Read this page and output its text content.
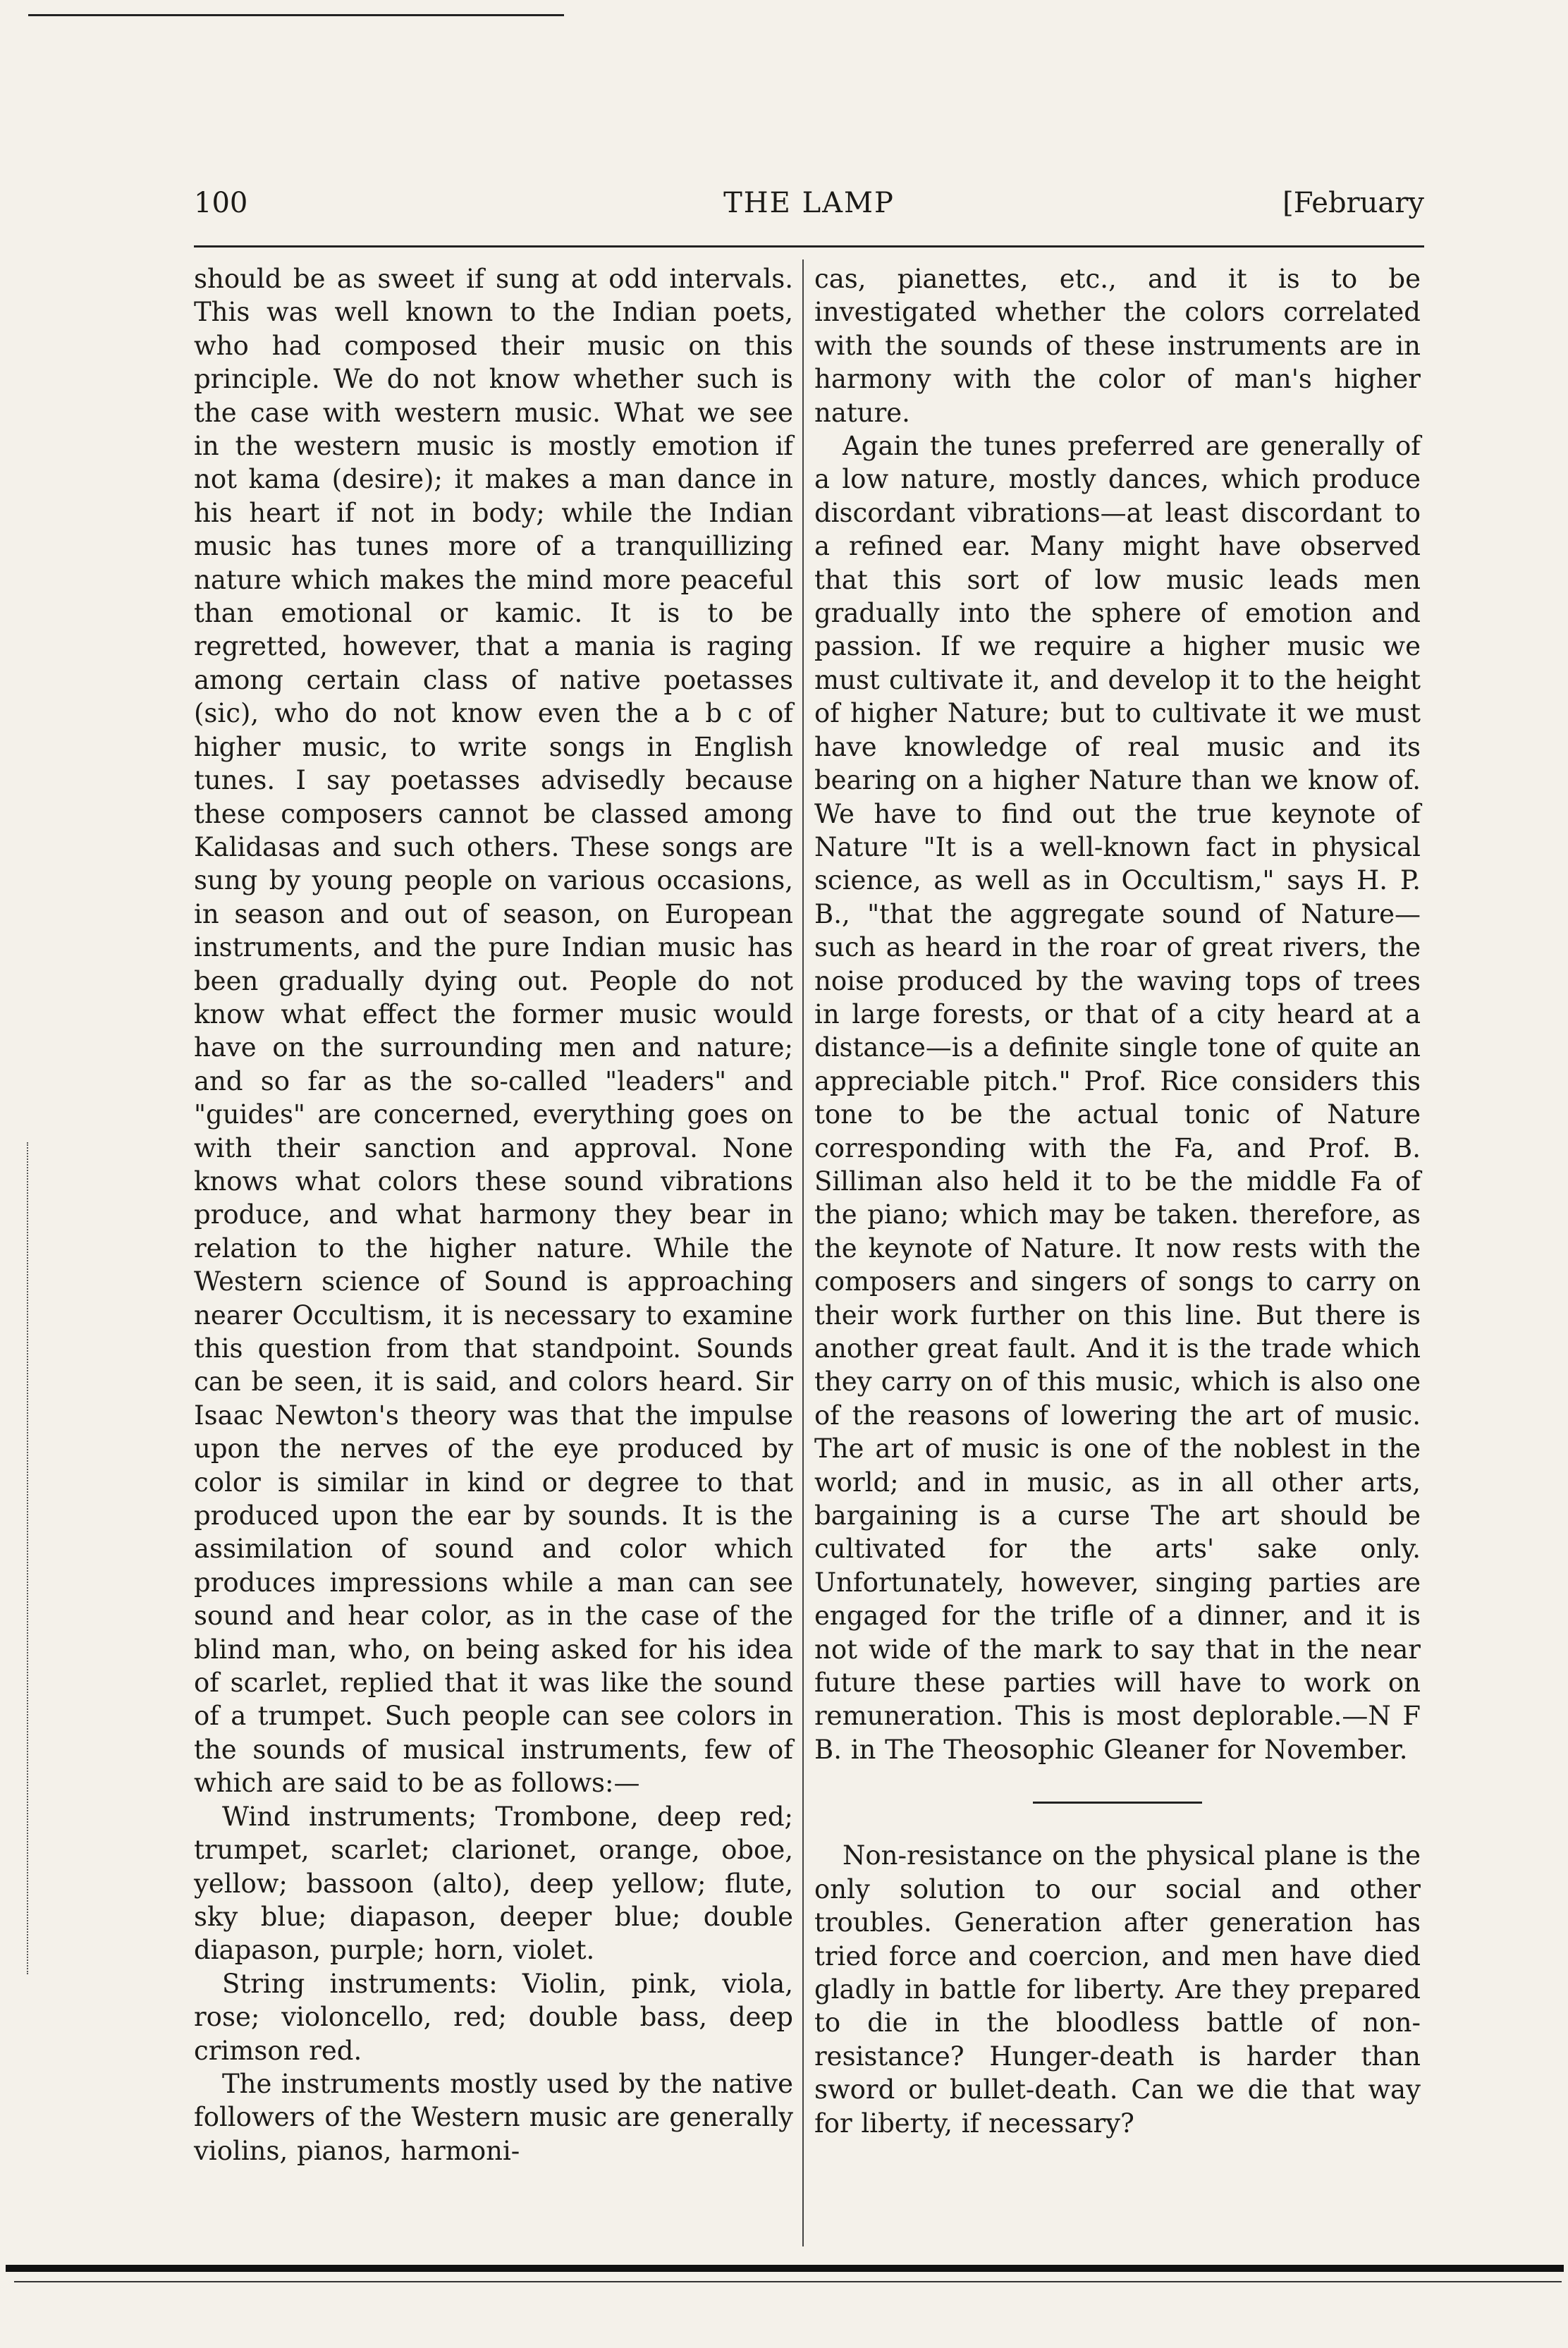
100	THE LAMP	[February

should be as sweet if sung at odd intervals. This was well known to the Indian poets, who had composed their music on this principle. We do not know whether such is the case with western music. What we see in the western music is mostly emotion if not kama (desire); it makes a man dance in his heart if not in body; while the Indian music has tunes more of a tranquillizing nature which makes the mind more peaceful than emotional or kamic. It is to be regretted, however, that a mania is raging among certain class of native poetasses (sic), who do not know even the a b c of higher music, to write songs in English tunes. I say poetasses advisedly because these composers cannot be classed among Kalidasas and such others. These songs are sung by young people on various occasions, in season and out of season, on European instruments, and the pure Indian music has been gradually dying out. People do not know what effect the former music would have on the surrounding men and nature; and so far as the so-called "leaders" and "guides" are concerned, everything goes on with their sanction and approval. None knows what colors these sound vibrations produce, and what harmony they bear in relation to the higher nature. While the Western science of Sound is approaching nearer Occultism, it is necessary to examine this question from that standpoint. Sounds can be seen, it is said, and colors heard. Sir Isaac Newton's theory was that the impulse upon the nerves of the eye produced by color is similar in kind or degree to that produced upon the ear by sounds. It is the assimilation of sound and color which produces impressions while a man can see sound and hear color, as in the case of the blind man, who, on being asked for his idea of scarlet, replied that it was like the sound of a trumpet. Such people can see colors in the sounds of musical instruments, few of which are said to be as follows:—

Wind instruments; Trombone, deep red; trumpet, scarlet; clarionet, orange, oboe, yellow; bassoon (alto), deep yellow; flute, sky blue; diapason, deeper blue; double diapason, purple; horn, violet.

String instruments: Violin, pink, viola, rose; violoncello, red; double bass, deep crimson red.

The instruments mostly used by the native followers of the Western music are generally violins, pianos, harmoni-

cas, pianettes, etc., and it is to be investigated whether the colors correlated with the sounds of these instruments are in harmony with the color of man's higher nature.

Again the tunes preferred are generally of a low nature, mostly dances, which produce discordant vibrations—at least discordant to a refined ear. Many might have observed that this sort of low music leads men gradually into the sphere of emotion and passion. If we require a higher music we must cultivate it, and develop it to the height of higher Nature; but to cultivate it we must have knowledge of real music and its bearing on a higher Nature than we know of. We have to find out the true keynote of Nature "It is a well-known fact in physical science, as well as in Occultism," says H. P. B., "that the aggregate sound of Nature—such as heard in the roar of great rivers, the noise produced by the waving tops of trees in large forests, or that of a city heard at a distance—is a definite single tone of quite an appreciable pitch." Prof. Rice considers this tone to be the actual tonic of Nature corresponding with the Fa, and Prof. B. Silliman also held it to be the middle Fa of the piano; which may be taken. therefore, as the keynote of Nature. It now rests with the composers and singers of songs to carry on their work further on this line. But there is another great fault. And it is the trade which they carry on of this music, which is also one of the reasons of lowering the art of music. The art of music is one of the noblest in the world; and in music, as in all other arts, bargaining is a curse The art should be cultivated for the arts' sake only. Unfortunately, however, singing parties are engaged for the trifle of a dinner, and it is not wide of the mark to say that in the near future these parties will have to work on remuneration. This is most deplorable.—N F B. in The Theosophic Gleaner for November.

Non-resistance on the physical plane is the only solution to our social and other troubles. Generation after generation has tried force and coercion, and men have died gladly in battle for liberty. Are they prepared to die in the bloodless battle of non-resistance? Hunger-death is harder than sword or bullet-death. Can we die that way for liberty, if necessary?
